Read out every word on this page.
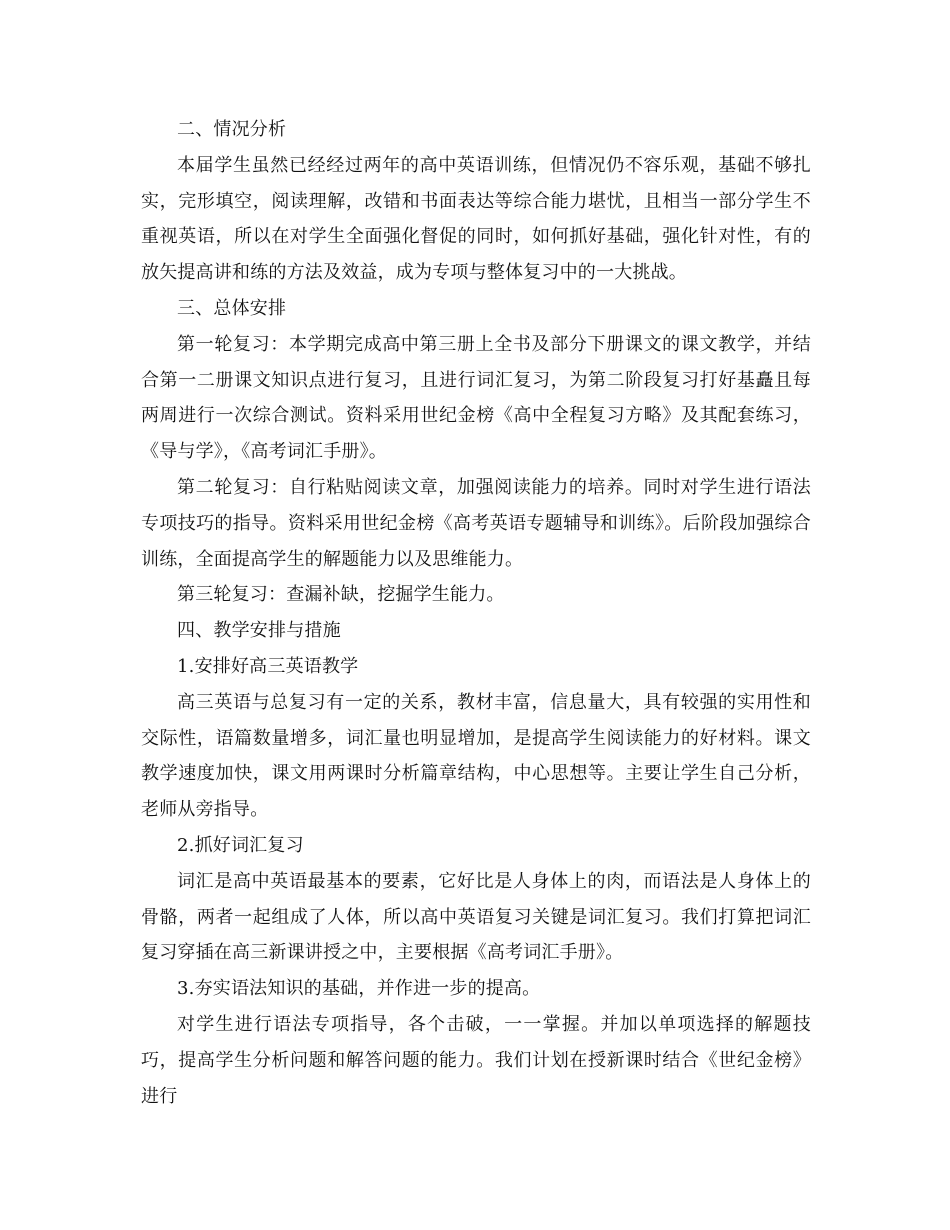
二、情况分析

本届学生虽然已经经过两年的高中英语训练，但情况仍不容乐观，基础不够扎实，完形填空，阅读理解，改错和书面表达等综合能力堪忧，且相当一部分学生不重视英语，所以在对学生全面强化督促的同时，如何抓好基础，强化针对性，有的放矢提高讲和练的方法及效益，成为专项与整体复习中的一大挑战。

三、总体安排

第一轮复习：本学期完成高中第三册上全书及部分下册课文的课文教学，并结合第一二册课文知识点进行复习，且进行词汇复习，为第二阶段复习打好基矗且每两周进行一次综合测试。资料采用世纪金榜《高中全程复习方略》及其配套练习，《导与学》，《高考词汇手册》。

第二轮复习：自行粘贴阅读文章，加强阅读能力的培养。同时对学生进行语法专项技巧的指导。资料采用世纪金榜《高考英语专题辅导和训练》。后阶段加强综合训练，全面提高学生的解题能力以及思维能力。

第三轮复习：查漏补缺，挖掘学生能力。

四、教学安排与措施

1.安排好高三英语教学

高三英语与总复习有一定的关系，教材丰富，信息量大，具有较强的实用性和交际性，语篇数量增多，词汇量也明显增加，是提高学生阅读能力的好材料。课文教学速度加快，课文用两课时分析篇章结构，中心思想等。主要让学生自己分析，老师从旁指导。

2.抓好词汇复习

词汇是高中英语最基本的要素，它好比是人身体上的肉，而语法是人身体上的骨骼，两者一起组成了人体，所以高中英语复习关键是词汇复习。我们打算把词汇复习穿插在高三新课讲授之中，主要根据《高考词汇手册》。

3.夯实语法知识的基础，并作进一步的提高。

对学生进行语法专项指导，各个击破，一一掌握。并加以单项选择的解题技巧，提高学生分析问题和解答问题的能力。我们计划在授新课时结合《世纪金榜》进行
